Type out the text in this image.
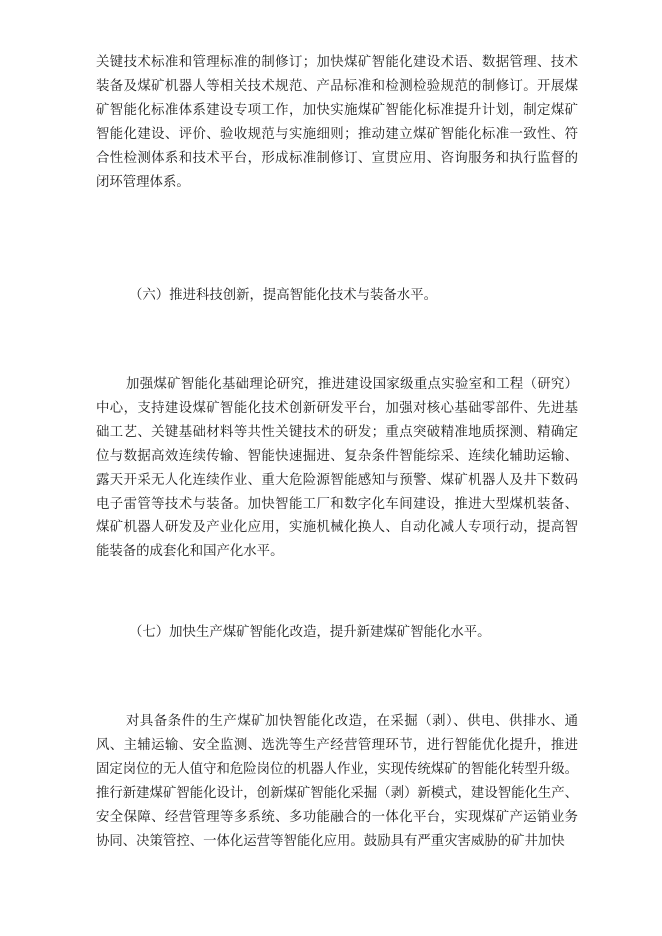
关键技术标准和管理标准的制修订；加快煤矿智能化建设术语、数据管理、技术
装备及煤矿机器人等相关技术规范、产品标准和检测检验规范的制修订。开展煤
矿智能化标准体系建设专项工作，加快实施煤矿智能化标准提升计划，制定煤矿
智能化建设、评价、验收规范与实施细则；推动建立煤矿智能化标准一致性、符
合性检测体系和技术平台，形成标准制修订、宣贯应用、咨询服务和执行监督的
闭环管理体系。

（六）推进科技创新，提高智能化技术与装备水平。

加强煤矿智能化基础理论研究，推进建设国家级重点实验室和工程（研究）
中心，支持建设煤矿智能化技术创新研发平台，加强对核心基础零部件、先进基
础工艺、关键基础材料等共性关键技术的研发；重点突破精准地质探测、精确定
位与数据高效连续传输、智能快速掘进、复杂条件智能综采、连续化辅助运输、
露天开采无人化连续作业、重大危险源智能感知与预警、煤矿机器人及井下数码
电子雷管等技术与装备。加快智能工厂和数字化车间建设，推进大型煤机装备、
煤矿机器人研发及产业化应用，实施机械化换人、自动化减人专项行动，提高智
能装备的成套化和国产化水平。

（七）加快生产煤矿智能化改造，提升新建煤矿智能化水平。

对具备条件的生产煤矿加快智能化改造，在采掘（剥）、供电、供排水、通
风、主辅运输、安全监测、选洗等生产经营管理环节，进行智能优化提升，推进
固定岗位的无人值守和危险岗位的机器人作业，实现传统煤矿的智能化转型升级。
推行新建煤矿智能化设计，创新煤矿智能化采掘（剥）新模式，建设智能化生产、
安全保障、经营管理等多系统、多功能融合的一体化平台，实现煤矿产运销业务
协同、决策管控、一体化运营等智能化应用。鼓励具有严重灾害威胁的矿井加快
